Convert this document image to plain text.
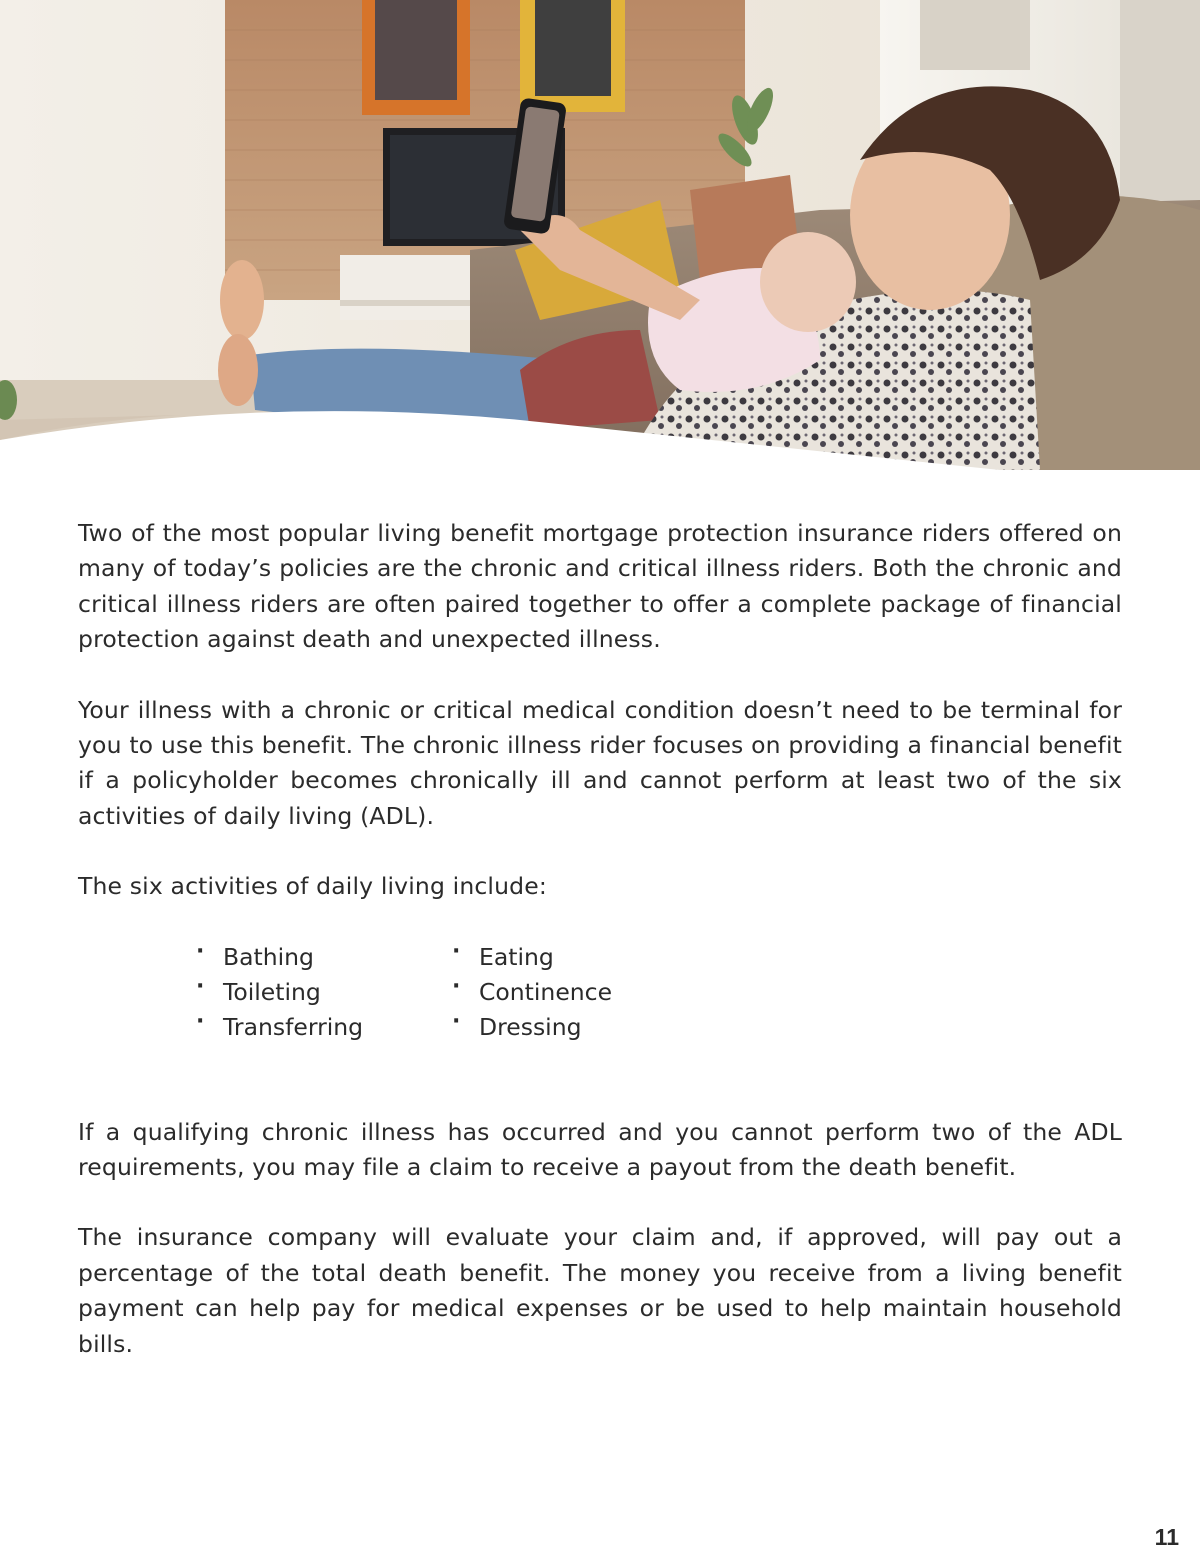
Two of the most popular living benefit mortgage protection insurance riders offered on many of today’s policies are the chronic and critical illness riders. Both the chronic and critical illness riders are often paired together to offer a complete package of financial protection against death and unexpected illness.

Your illness with a chronic or critical medical condition doesn’t need to be terminal for you to use this benefit. The chronic illness rider focuses on providing a financial benefit if a policyholder becomes chronically ill and cannot perform at least two of the six activities of daily living (ADL).

The six activities of daily living include:

· Bathing
· Toileting
· Transferring
· Eating
· Continence
· Dressing

If a qualifying chronic illness has occurred and you cannot perform two of the ADL requirements, you may file a claim to receive a payout from the death benefit.

The insurance company will evaluate your claim and, if approved, will pay out a percentage of the total death benefit. The money you receive from a living benefit payment can help pay for medical expenses or be used to help maintain household bills.

11
